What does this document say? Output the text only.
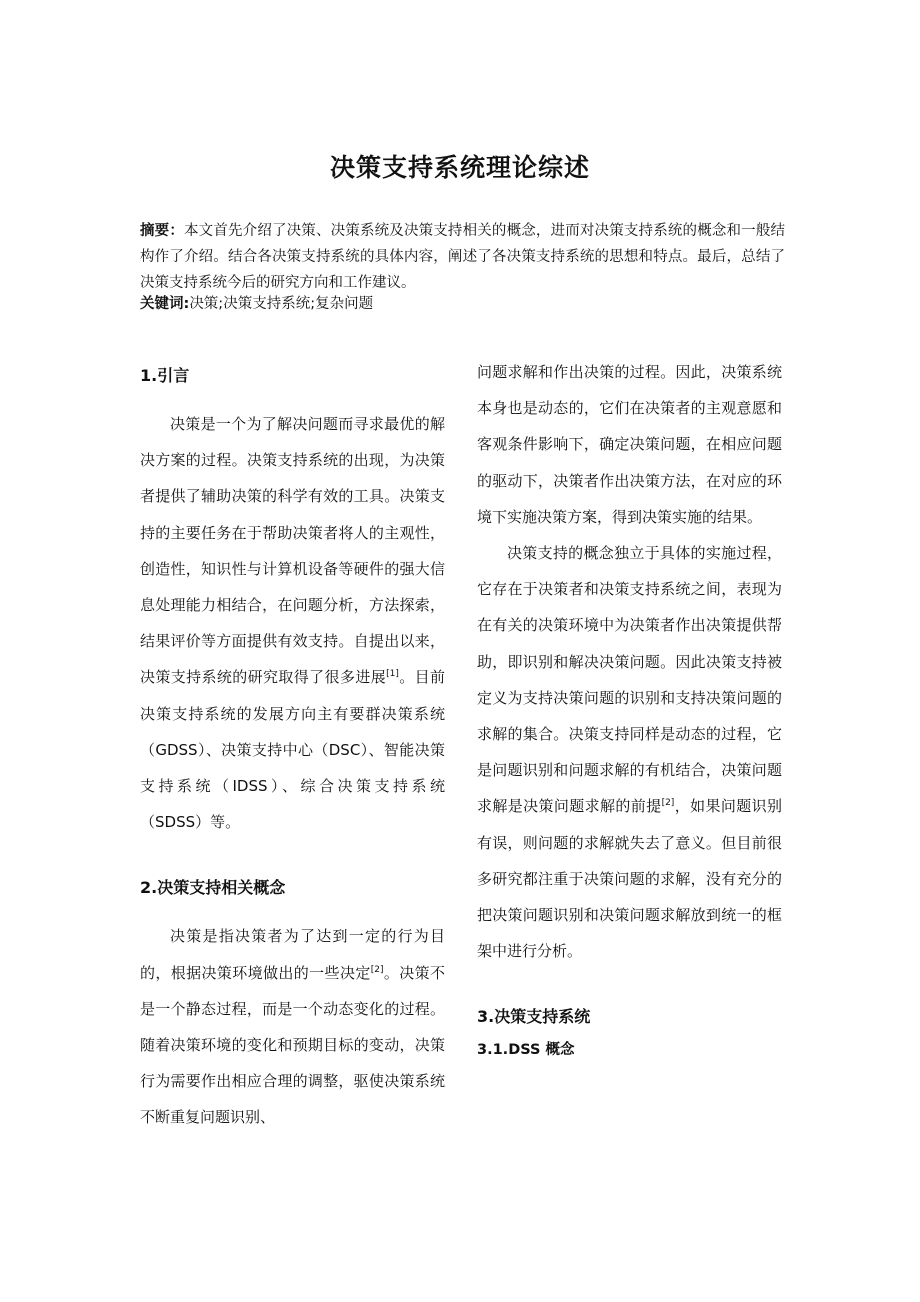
决策支持系统理论综述
摘要：本文首先介绍了决策、决策系统及决策支持相关的概念，进而对决策支持系统的概念和一般结构作了介绍。结合各决策支持系统的具体内容，阐述了各决策支持系统的思想和特点。最后，总结了决策支持系统今后的研究方向和工作建议。
关键词:决策;决策支持系统;复杂问题
1.引言

决策是一个为了解决问题而寻求最优的解决方案的过程。决策支持系统的出现，为决策者提供了辅助决策的科学有效的工具。决策支持的主要任务在于帮助决策者将人的主观性，创造性，知识性与计算机设备等硬件的强大信息处理能力相结合，在问题分析，方法探索，结果评价等方面提供有效支持。自提出以来，决策支持系统的研究取得了很多进展[1]。目前决策支持系统的发展方向主有要群决策系统（GDSS）、决策支持中心（DSC）、智能决策支持系统（IDSS）、综合决策支持系统（SDSS）等。

2.决策支持相关概念

决策是指决策者为了达到一定的行为目的，根据决策环境做出的一些决定[2]。决策不是一个静态过程，而是一个动态变化的过程。随着决策环境的变化和预期目标的变动，决策行为需要作出相应合理的调整，驱使决策系统不断重复问题识别、

问题求解和作出决策的过程。因此，决策系统本身也是动态的，它们在决策者的主观意愿和客观条件影响下，确定决策问题，在相应问题的驱动下，决策者作出决策方法，在对应的环境下实施决策方案，得到决策实施的结果。

决策支持的概念独立于具体的实施过程，它存在于决策者和决策支持系统之间，表现为在有关的决策环境中为决策者作出决策提供帮助，即识别和解决决策问题。因此决策支持被定义为支持决策问题的识别和支持决策问题的求解的集合。决策支持同样是动态的过程，它是问题识别和问题求解的有机结合，决策问题求解是决策问题求解的前提[2]，如果问题识别有误，则问题的求解就失去了意义。但目前很多研究都注重于决策问题的求解，没有充分的把决策问题识别和决策问题求解放到统一的框架中进行分析。

3.决策支持系统
3.1.DSS 概念
